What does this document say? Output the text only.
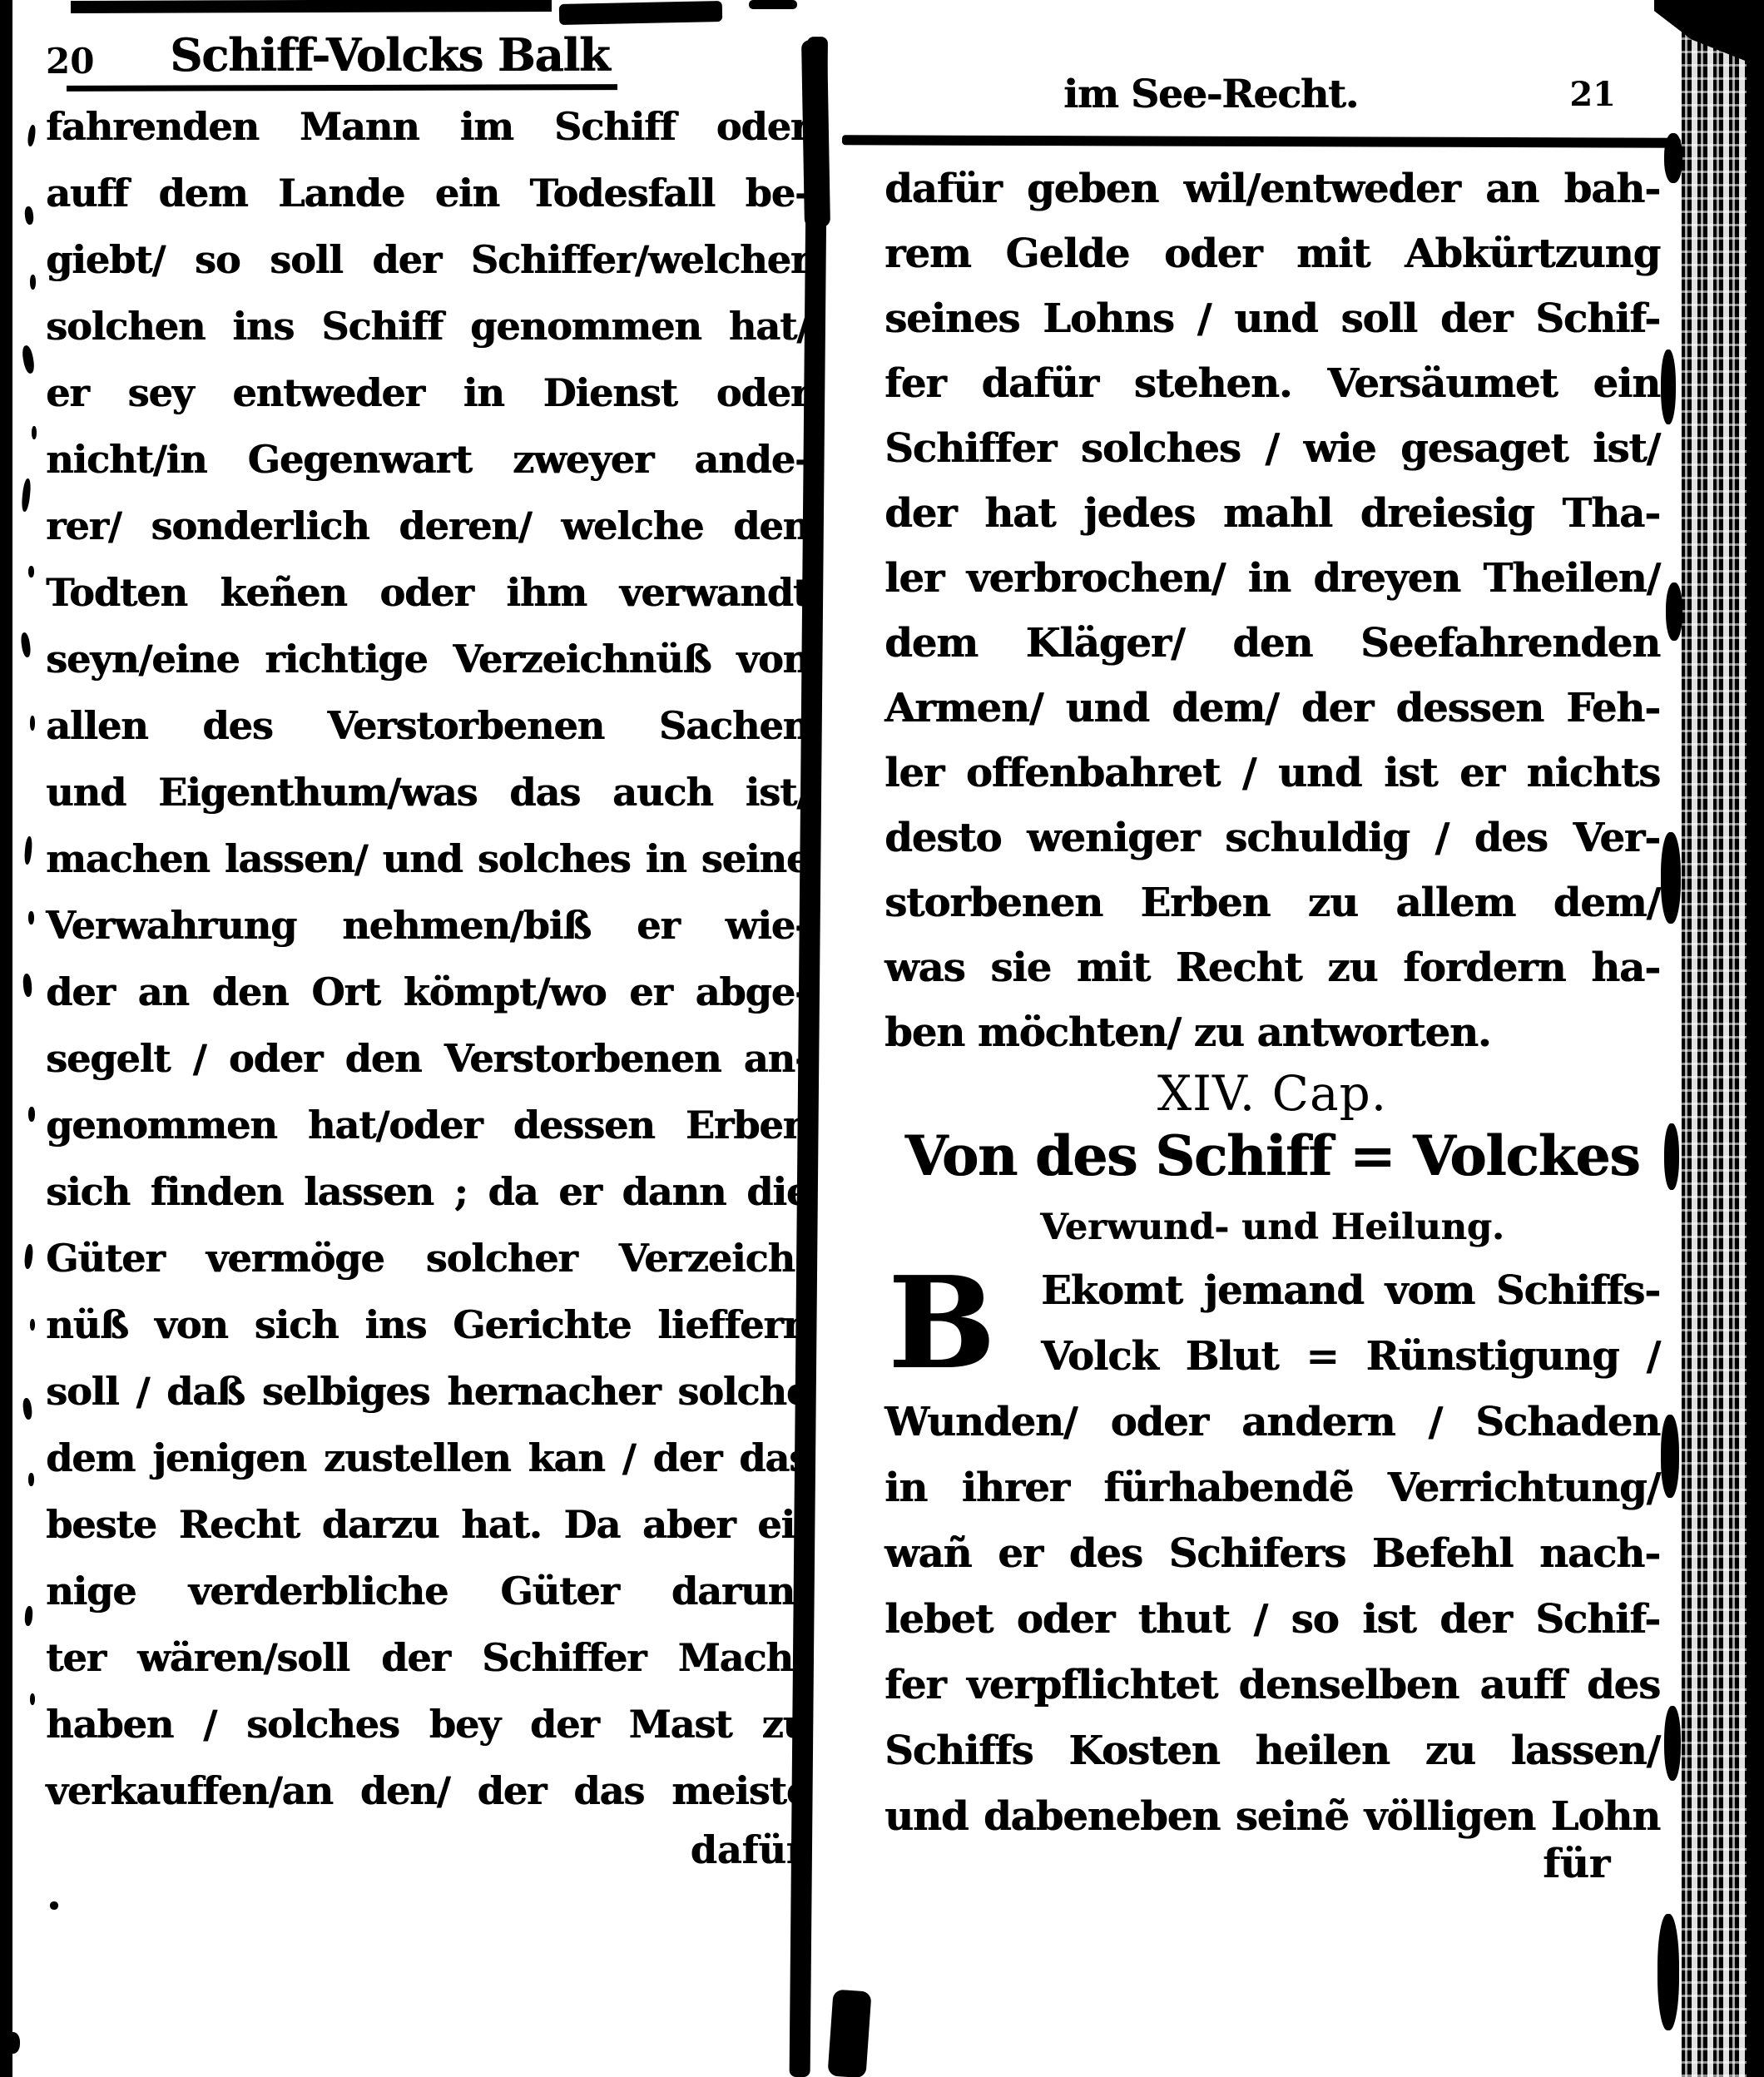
20	Schiff-Volcks Balk
fahrenden Mann im Schiff oder
auff dem Lande ein Todesfall be-
giebt/ so soll der Schiffer/welcher
solchen ins Schiff genommen hat/
er sey entweder in Dienst oder
nicht/in Gegenwart zweyer ande-
rer/ sonderlich deren/ welche den
Todten keñen oder ihm verwandt
seyn/eine richtige Verzeichnüß von
allen des Verstorbenen Sachen
und Eigenthum/was das auch ist/
machen lassen/ und solches in seine
Verwahrung nehmen/biß er wie-
der an den Ort kömpt/wo er abge-
segelt / oder den Verstorbenen an-
genommen hat/oder dessen Erben
sich finden lassen ; da er dann die
Güter vermöge solcher Verzeich-
nüß von sich ins Gerichte lieffern
soll / daß selbiges hernacher solche
dem jenigen zustellen kan / der das
beste Recht darzu hat. Da aber ei-
nige verderbliche Güter darun-
ter wären/soll der Schiffer Macht
haben / solches bey der Mast zu
verkauffen/an den/ der das meiste
dafür
im See-Recht.	21
dafür geben wil/entweder an bah-
rem Gelde oder mit Abkürtzung
seines Lohns / und soll der Schif-
fer dafür stehen. Versäumet ein
Schiffer solches / wie gesaget ist/
der hat jedes mahl dreiesig Tha-
ler verbrochen/ in dreyen Theilen/
dem Kläger/ den Seefahrenden
Armen/ und dem/ der dessen Feh-
ler offenbahret / und ist er nichts
desto weniger schuldig / des Ver-
storbenen Erben zu allem dem/
was sie mit Recht zu fordern ha-
ben möchten/ zu antworten.
XIV. Cap.
Von des Schiff = Volckes
Verwund- und Heilung.
B	Ekomt jemand vom Schiffs-
Volck Blut = Rünstigung /
Wunden/ oder andern / Schaden
in ihrer fürhabendẽ Verrichtung/
wañ er des Schifers Befehl nach-
lebet oder thut / so ist der Schif-
fer verpflichtet denselben auff des
Schiffs Kosten heilen zu lassen/
und dabeneben seinẽ völligen Lohn
für
